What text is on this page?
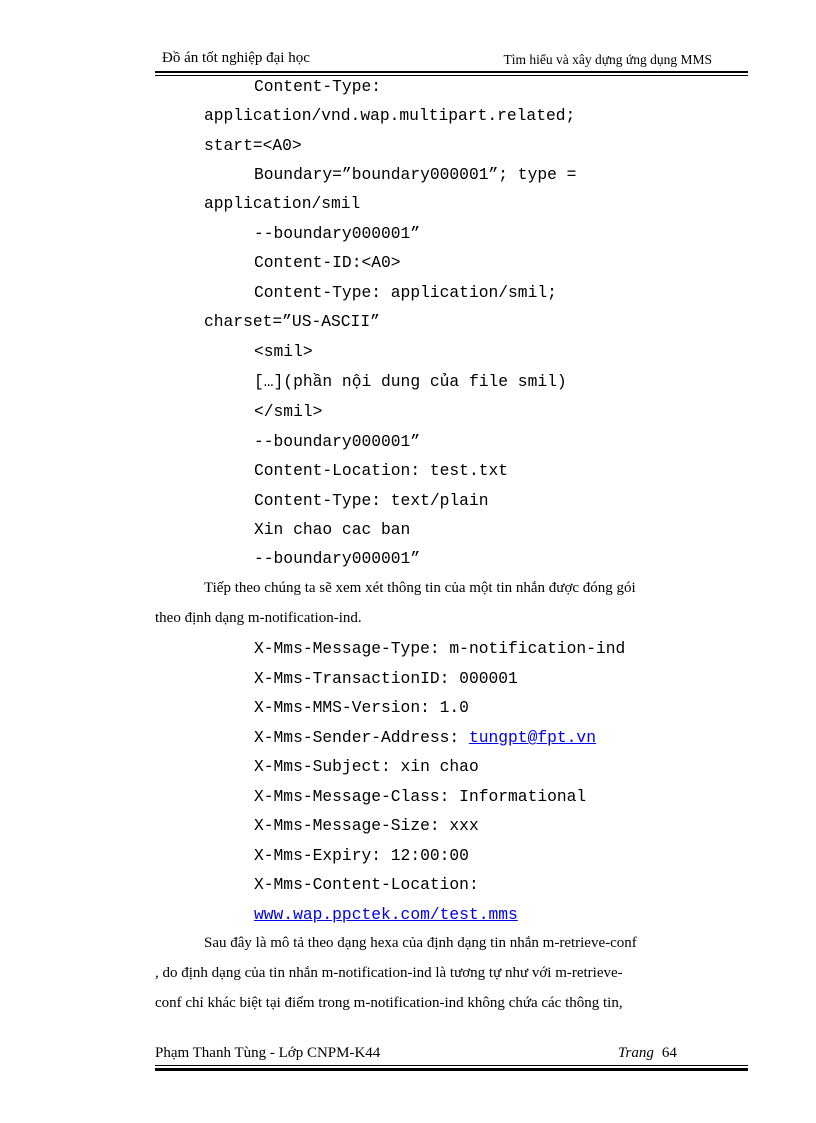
Đồ án tốt nghiệp đại học	Tìm hiểu và xây dựng ứng dụng MMS
Content-Type:
application/vnd.wap.multipart.related;
start=<A0>
Boundary=”boundary000001”; type =
application/smil
--boundary000001”
Content-ID:<A0>
Content-Type: application/smil;
charset=”US-ASCII”
<smil>
[…](phần nội dung của file smil)
</smil>
--boundary000001”
Content-Location: test.txt
Content-Type: text/plain
Xin chao cac ban
--boundary000001”
Tiếp theo chúng ta sẽ xem xét thông tin của một tin nhắn được đóng gói
theo định dạng m-notification-ind.
X-Mms-Message-Type: m-notification-ind
X-Mms-TransactionID: 000001
X-Mms-MMS-Version: 1.0
X-Mms-Sender-Address: tungpt@fpt.vn
X-Mms-Subject: xin chao
X-Mms-Message-Class: Informational
X-Mms-Message-Size: xxx
X-Mms-Expiry: 12:00:00
X-Mms-Content-Location:
www.wap.ppctek.com/test.mms
Sau đây là mô tả theo dạng hexa của định dạng tin nhắn m-retrieve-conf
, do định dạng của tin nhắn m-notification-ind là tương tự như với m-retrieve-
conf chỉ khác biệt tại điểm trong m-notification-ind không chứa các thông tin,
Phạm Thanh Tùng - Lớp CNPM-K44	Trang 64
